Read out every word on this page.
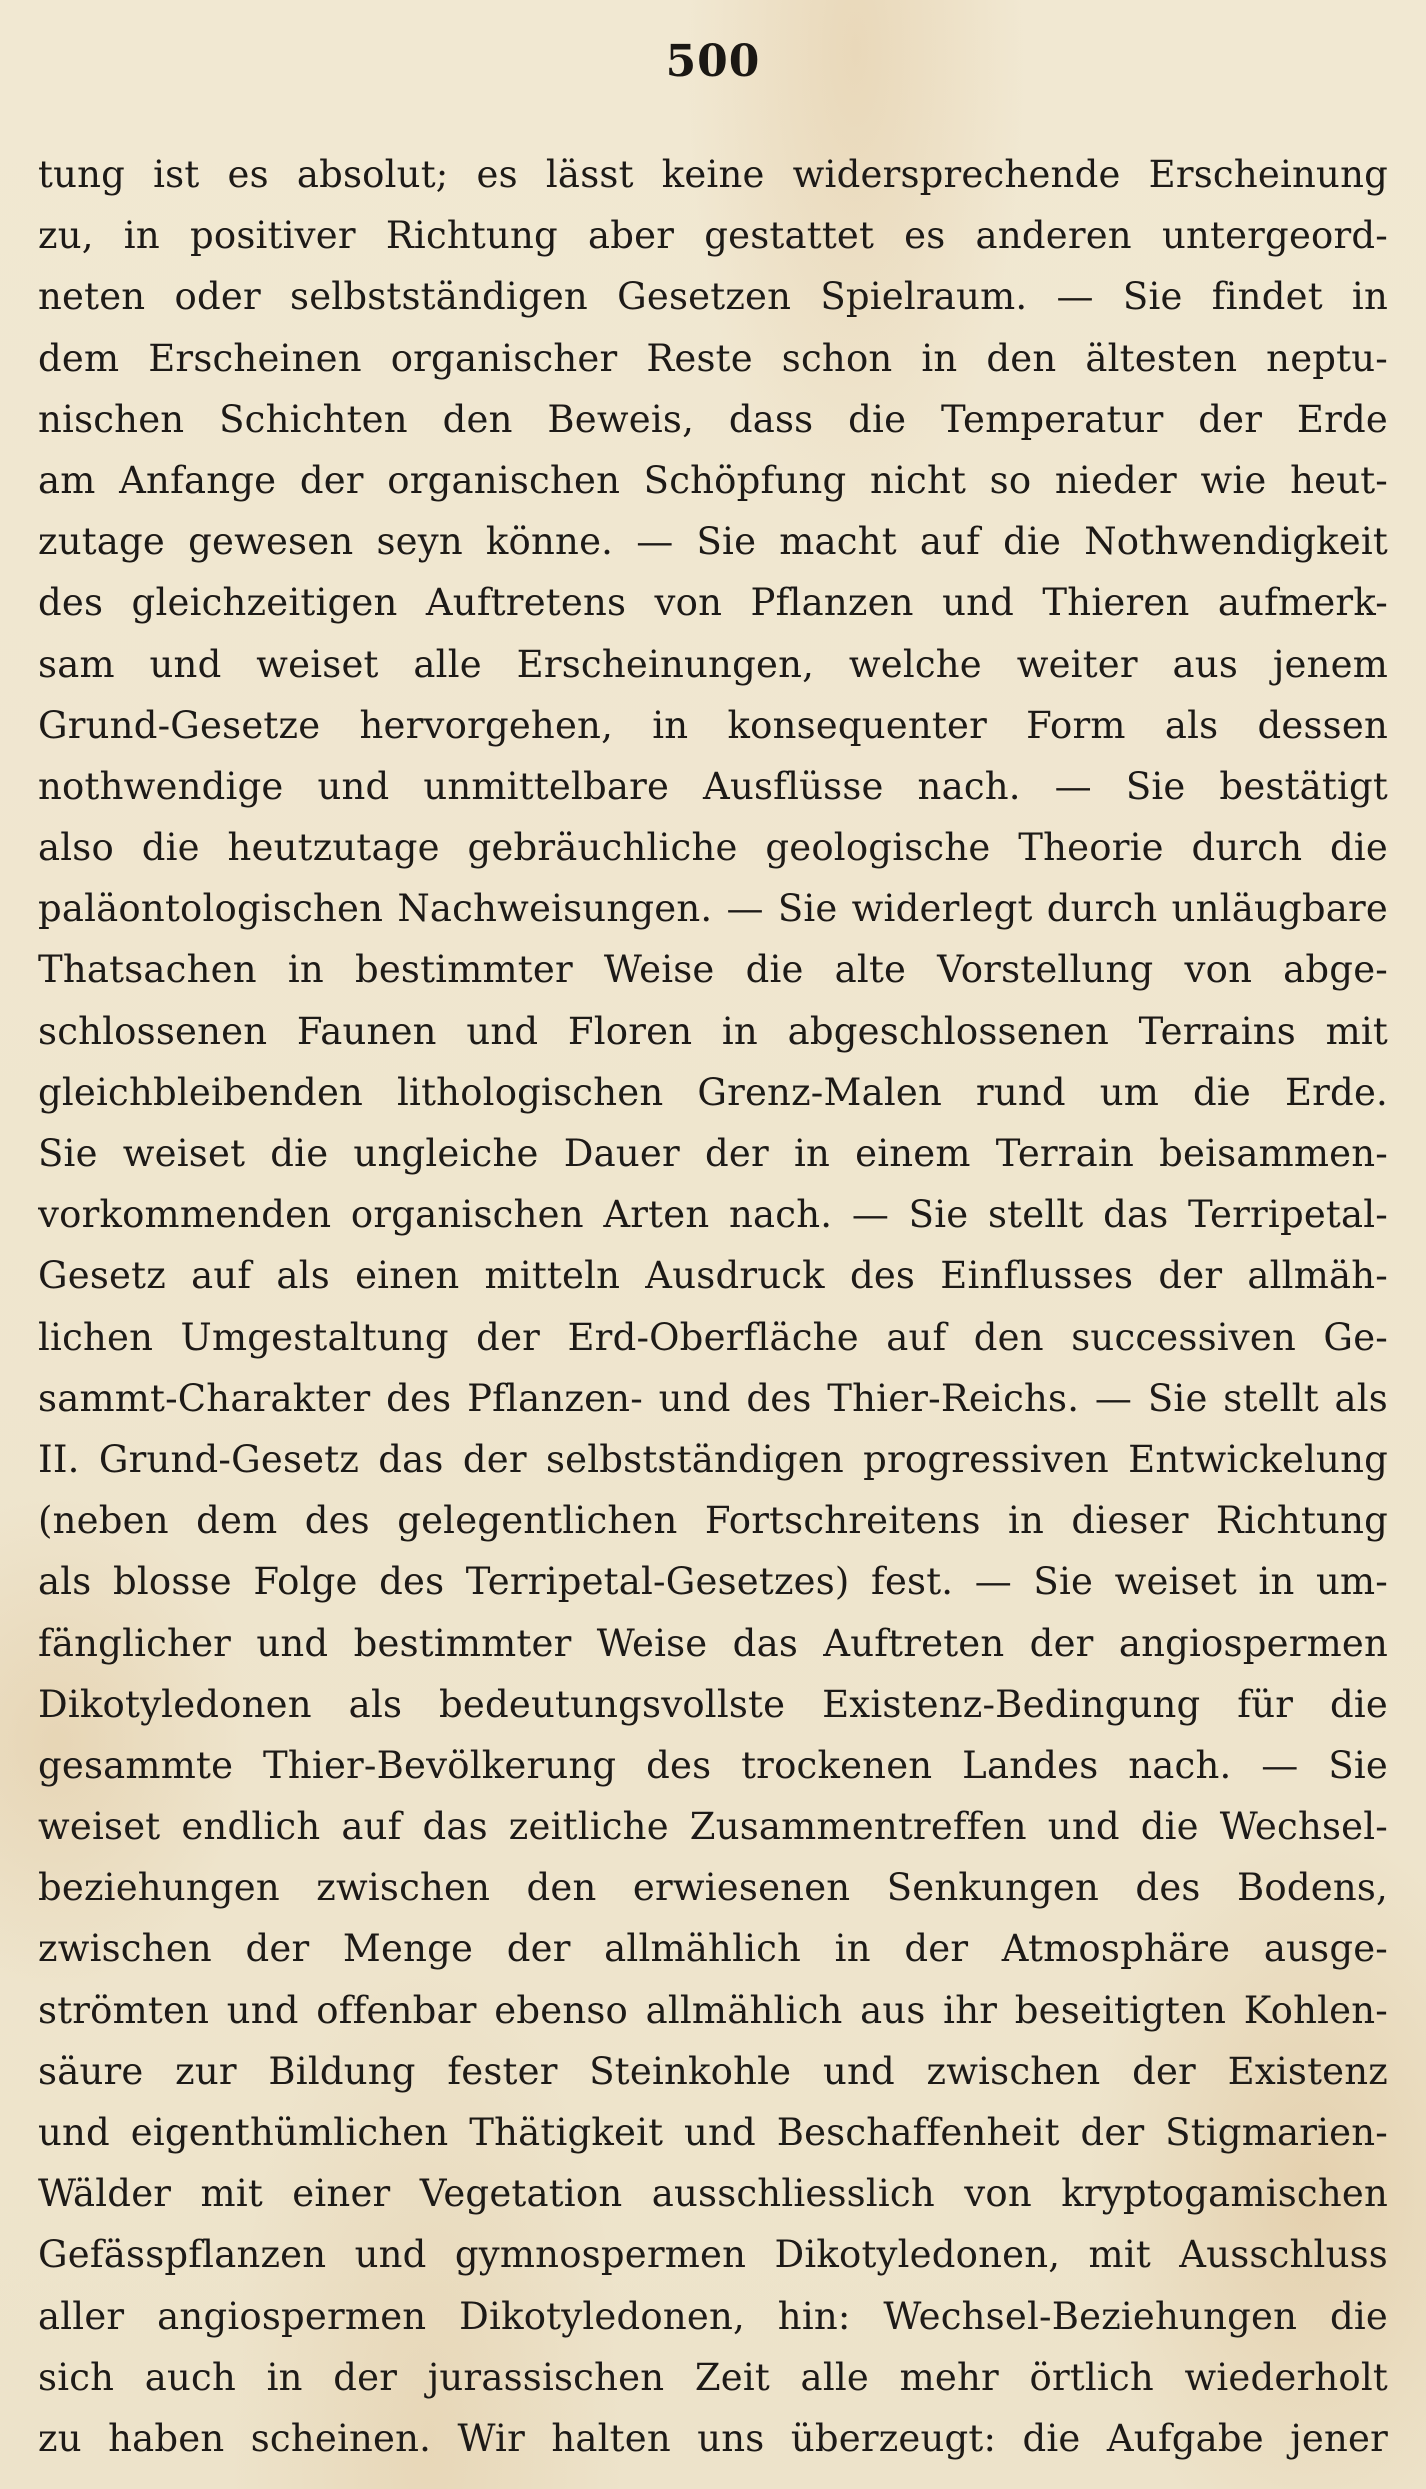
500
tung ist es absolut; es lässt keine widersprechende Erscheinung
zu, in positiver Richtung aber gestattet es anderen untergeord-
neten oder selbstständigen Gesetzen Spielraum. — Sie findet in
dem Erscheinen organischer Reste schon in den ältesten neptu-
nischen Schichten den Beweis, dass die Temperatur der Erde
am Anfange der organischen Schöpfung nicht so nieder wie heut-
zutage gewesen seyn könne. — Sie macht auf die Nothwendigkeit
des gleichzeitigen Auftretens von Pflanzen und Thieren aufmerk-
sam und weiset alle Erscheinungen, welche weiter aus jenem
Grund-Gesetze hervorgehen, in konsequenter Form als dessen
nothwendige und unmittelbare Ausflüsse nach. — Sie bestätigt
also die heutzutage gebräuchliche geologische Theorie durch die
paläontologischen Nachweisungen. — Sie widerlegt durch unläugbare
Thatsachen in bestimmter Weise die alte Vorstellung von abge-
schlossenen Faunen und Floren in abgeschlossenen Terrains mit
gleichbleibenden lithologischen Grenz-Malen rund um die Erde.
Sie weiset die ungleiche Dauer der in einem Terrain beisammen-
vorkommenden organischen Arten nach. — Sie stellt das Terripetal-
Gesetz auf als einen mitteln Ausdruck des Einflusses der allmäh-
lichen Umgestaltung der Erd-Oberfläche auf den successiven Ge-
sammt-Charakter des Pflanzen- und des Thier-Reichs. — Sie stellt als
II. Grund-Gesetz das der selbstständigen progressiven Entwickelung
(neben dem des gelegentlichen Fortschreitens in dieser Richtung
als blosse Folge des Terripetal-Gesetzes) fest. — Sie weiset in um-
fänglicher und bestimmter Weise das Auftreten der angiospermen
Dikotyledonen als bedeutungsvollste Existenz-Bedingung für die
gesammte Thier-Bevölkerung des trockenen Landes nach. — Sie
weiset endlich auf das zeitliche Zusammentreffen und die Wechsel-
beziehungen zwischen den erwiesenen Senkungen des Bodens,
zwischen der Menge der allmählich in der Atmosphäre ausge-
strömten und offenbar ebenso allmählich aus ihr beseitigten Kohlen-
säure zur Bildung fester Steinkohle und zwischen der Existenz
und eigenthümlichen Thätigkeit und Beschaffenheit der Stigmarien-
Wälder mit einer Vegetation ausschliesslich von kryptogamischen
Gefässpflanzen und gymnospermen Dikotyledonen, mit Ausschluss
aller angiospermen Dikotyledonen, hin: Wechsel-Beziehungen die
sich auch in der jurassischen Zeit alle mehr örtlich wiederholt
zu haben scheinen. Wir halten uns überzeugt: die Aufgabe jener
